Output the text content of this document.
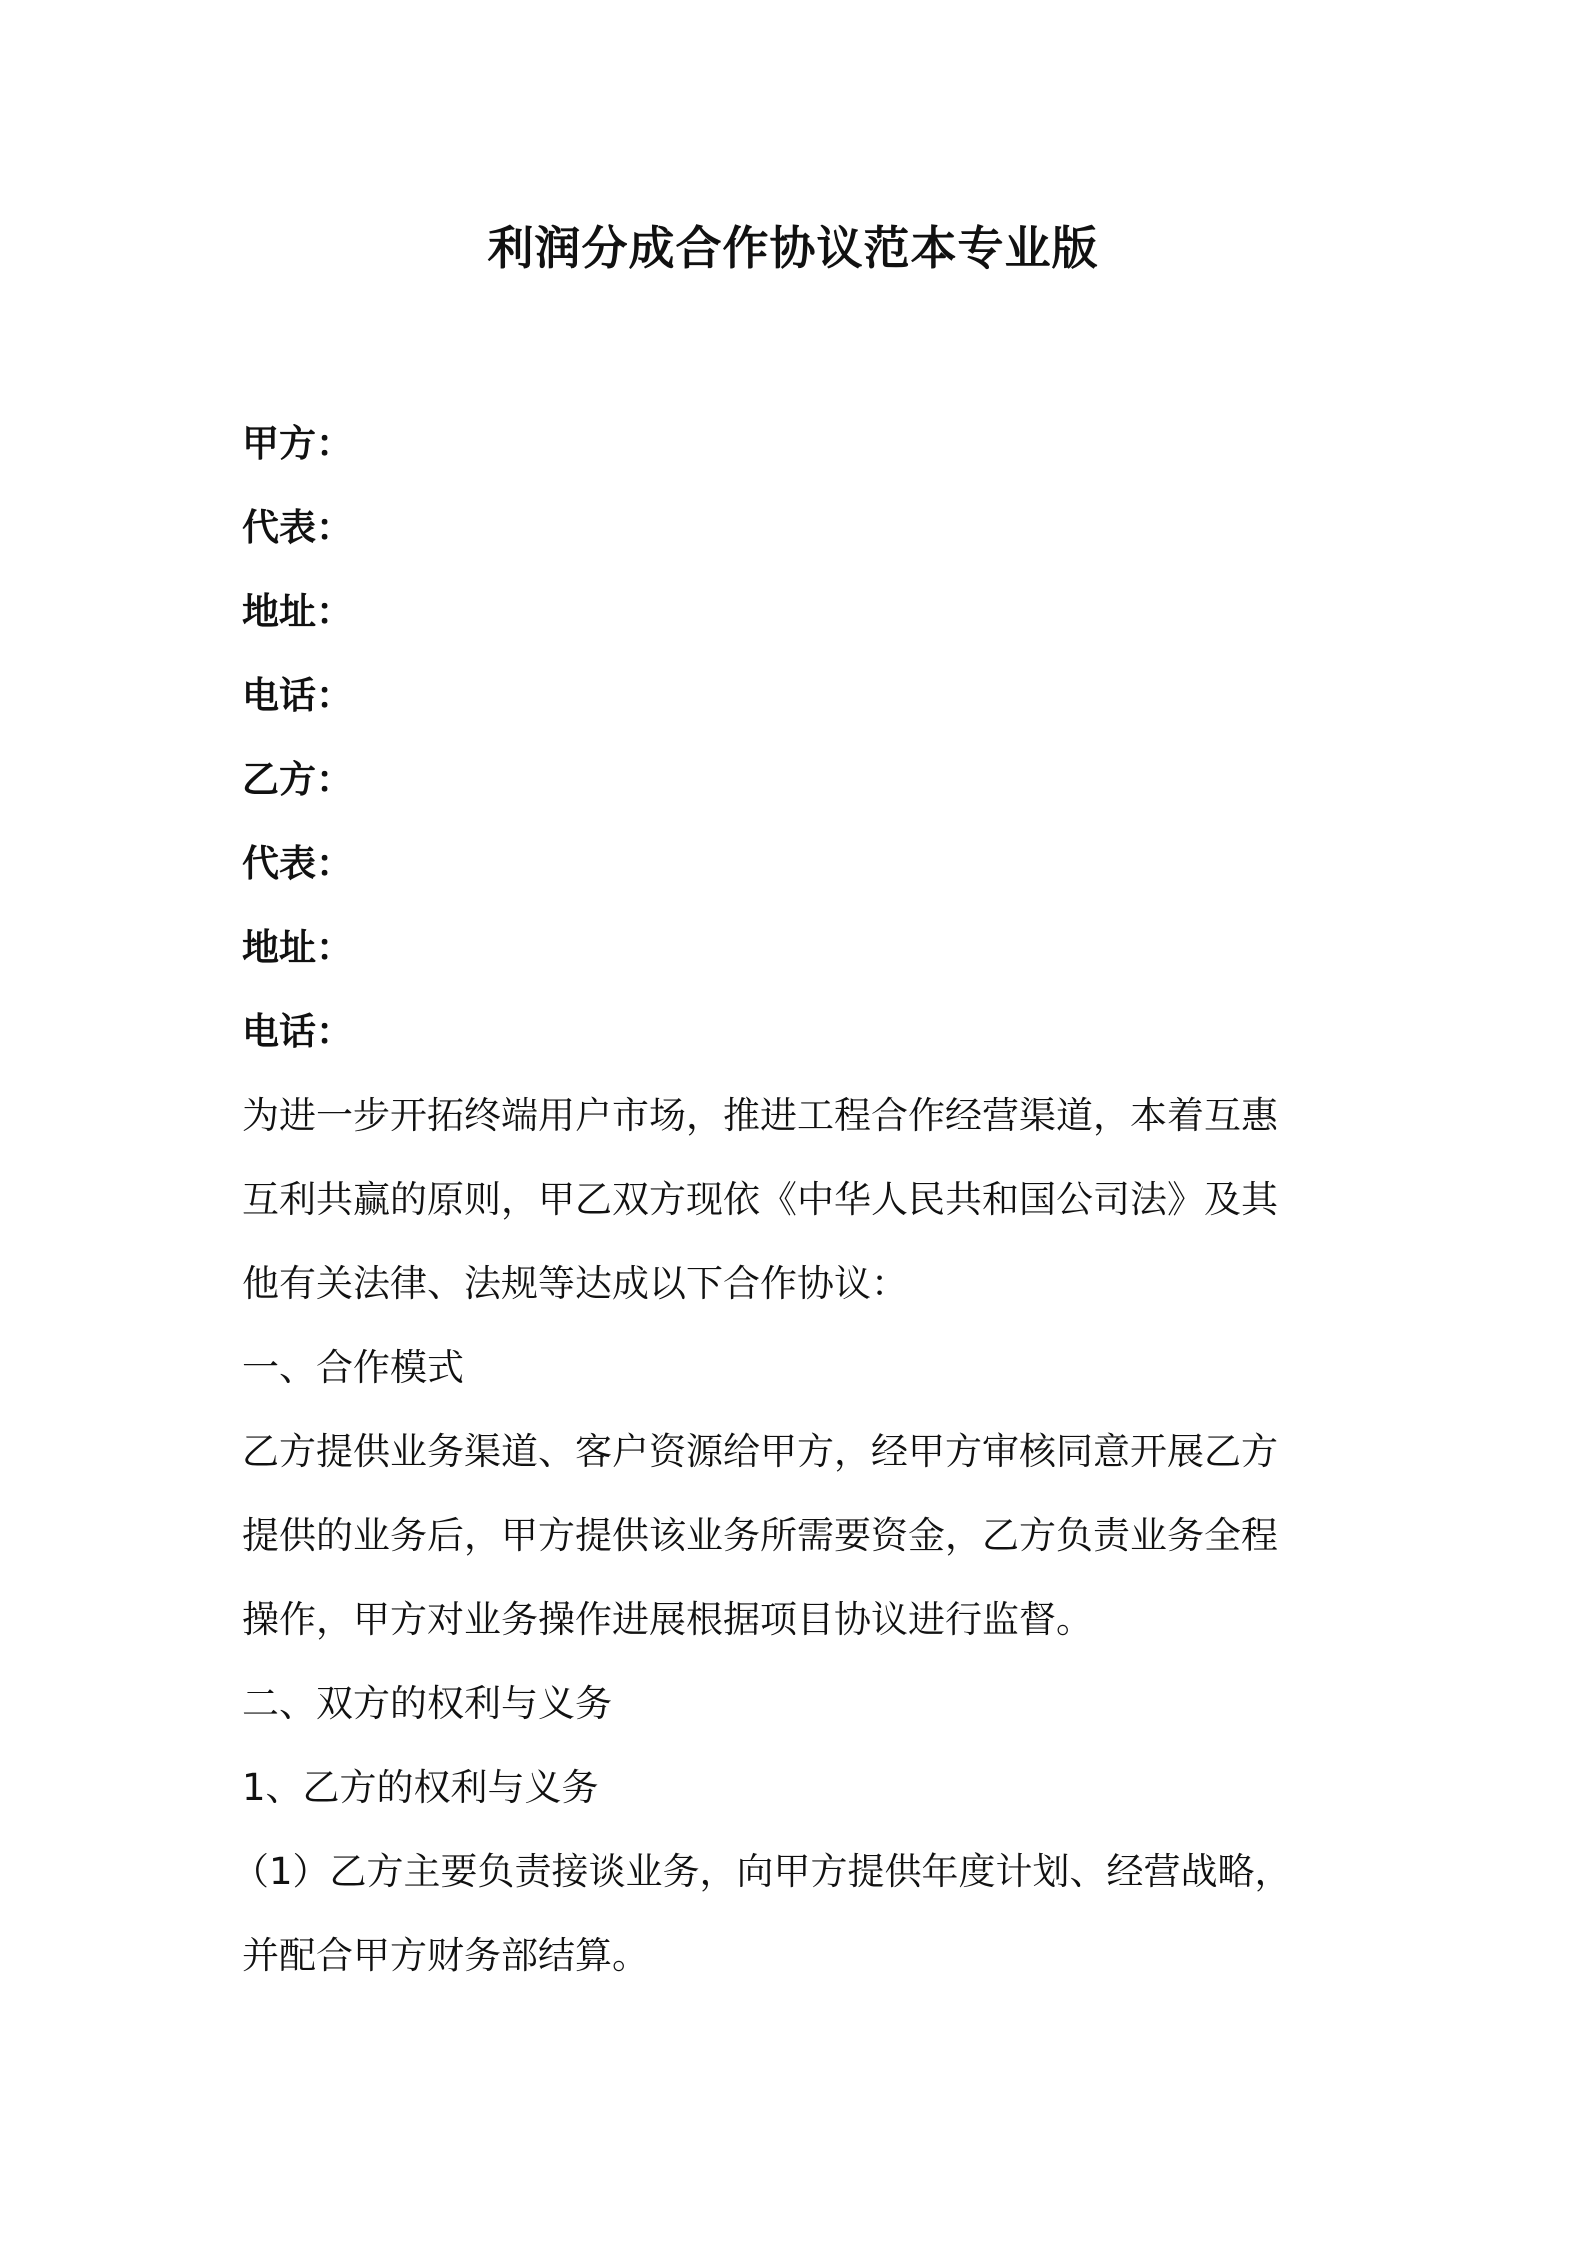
利润分成合作协议范本专业版
甲方：
代表：
地址：
电话：
乙方：
代表：
地址：
电话：
为进一步开拓终端用户市场，推进工程合作经营渠道，本着互惠
互利共赢的原则，甲乙双方现依《中华人民共和国公司法》及其
他有关法律、法规等达成以下合作协议：
一、合作模式
乙方提供业务渠道、客户资源给甲方，经甲方审核同意开展乙方
提供的业务后，甲方提供该业务所需要资金，乙方负责业务全程
操作，甲方对业务操作进展根据项目协议进行监督。
二、双方的权利与义务
1、乙方的权利与义务
（1）乙方主要负责接谈业务，向甲方提供年度计划、经营战略，
并配合甲方财务部结算。
